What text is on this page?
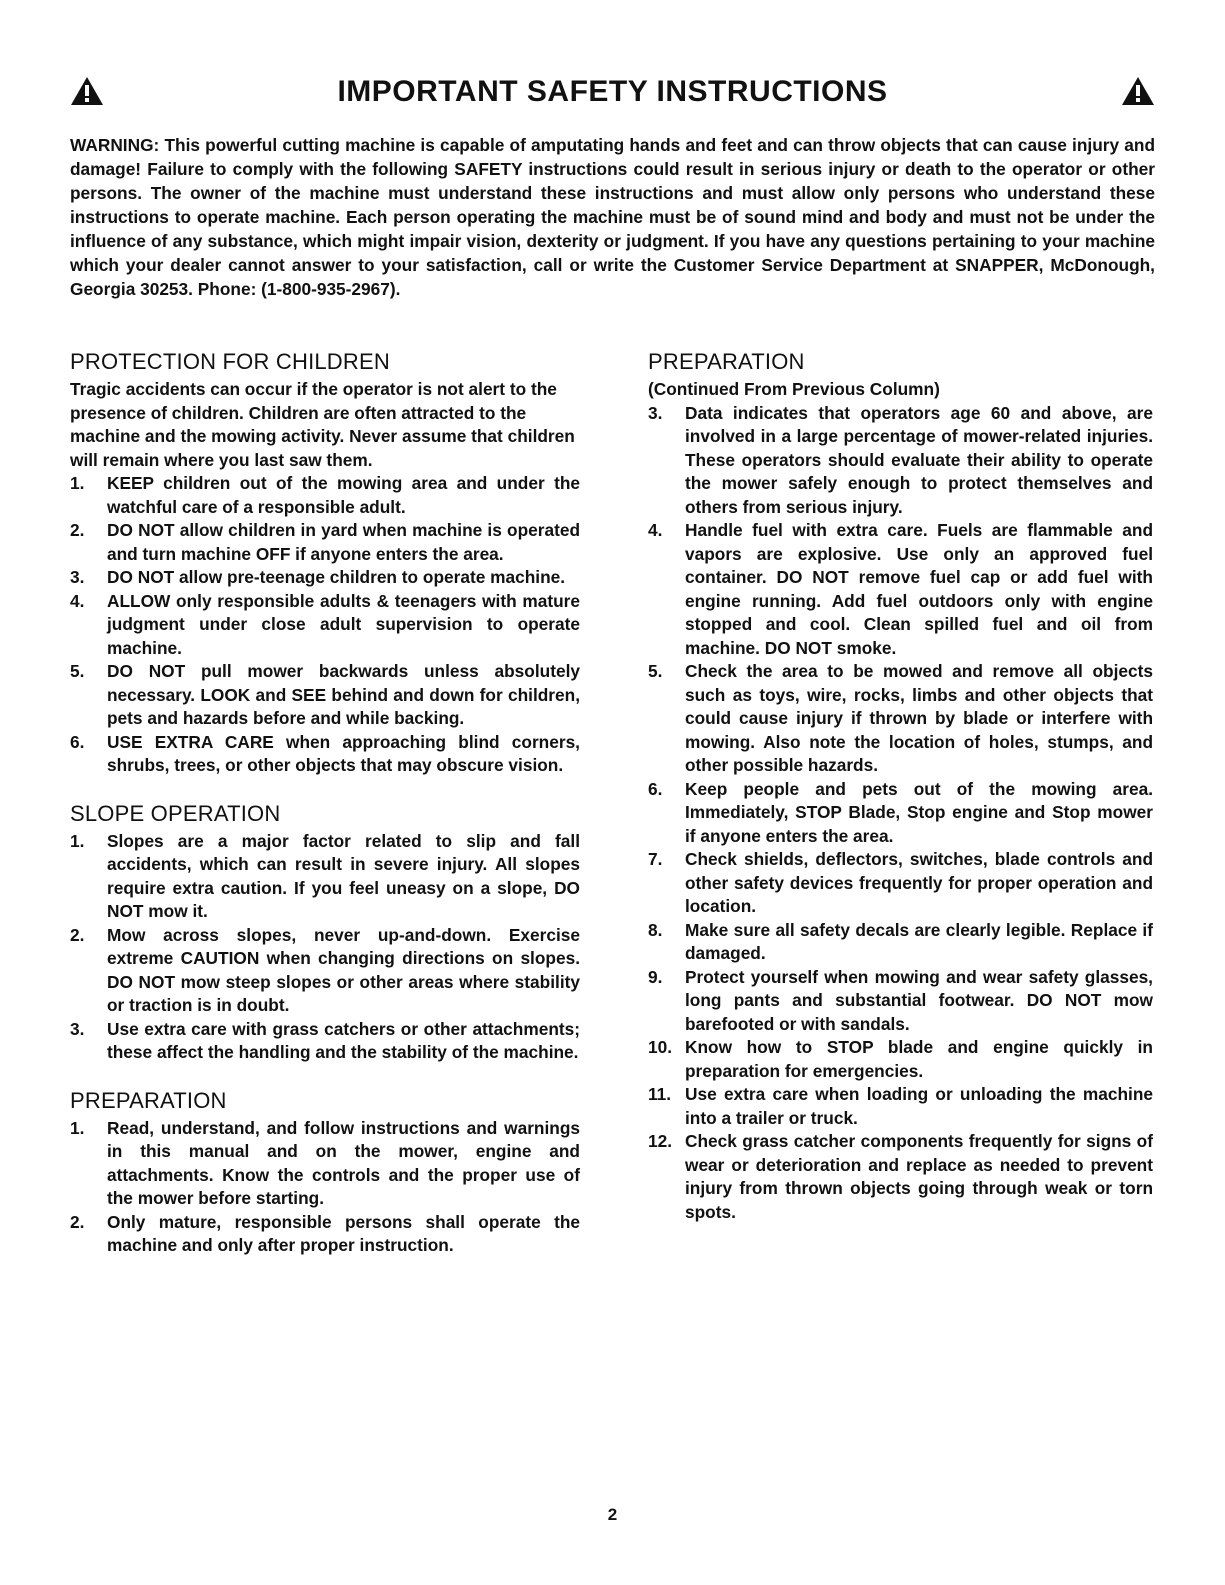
IMPORTANT SAFETY INSTRUCTIONS

WARNING: This powerful cutting machine is capable of amputating hands and feet and can throw objects that can cause injury and damage! Failure to comply with the following SAFETY instructions could result in serious injury or death to the operator or other persons. The owner of the machine must understand these instructions and must allow only persons who understand these instructions to operate machine. Each person operating the machine must be of sound mind and body and must not be under the influence of any substance, which might impair vision, dexterity or judgment. If you have any questions pertaining to your machine which your dealer cannot answer to your satisfaction, call or write the Customer Service Department at SNAPPER, McDonough, Georgia 30253. Phone: (1-800-935-2967).

PROTECTION FOR CHILDREN

Tragic accidents can occur if the operator is not alert to the presence of children. Children are often attracted to the machine and the mowing activity. Never assume that children will remain where you last saw them.

1. KEEP children out of the mowing area and under the watchful care of a responsible adult.
2. DO NOT allow children in yard when machine is operated and turn machine OFF if anyone enters the area.
3. DO NOT allow pre-teenage children to operate machine.
4. ALLOW only responsible adults & teenagers with mature judgment under close adult supervision to operate machine.
5. DO NOT pull mower backwards unless absolutely necessary. LOOK and SEE behind and down for children, pets and hazards before and while backing.
6. USE EXTRA CARE when approaching blind corners, shrubs, trees, or other objects that may obscure vision.
SLOPE OPERATION
1. Slopes are a major factor related to slip and fall accidents, which can result in severe injury. All slopes require extra caution. If you feel uneasy on a slope, DO NOT mow it.
2. Mow across slopes, never up-and-down. Exercise extreme CAUTION when changing directions on slopes. DO NOT mow steep slopes or other areas where stability or traction is in doubt.
3. Use extra care with grass catchers or other attachments; these affect the handling and the stability of the machine.
PREPARATION
1. Read, understand, and follow instructions and warnings in this manual and on the mower, engine and attachments. Know the controls and the proper use of the mower before starting.
2. Only mature, responsible persons shall operate the machine and only after proper instruction.
PREPARATION

(Continued From Previous Column)

3. Data indicates that operators age 60 and above, are involved in a large percentage of mower-related injuries. These operators should evaluate their ability to operate the mower safely enough to protect themselves and others from serious injury.
4. Handle fuel with extra care. Fuels are flammable and vapors are explosive. Use only an approved fuel container. DO NOT remove fuel cap or add fuel with engine running. Add fuel outdoors only with engine stopped and cool. Clean spilled fuel and oil from machine. DO NOT smoke.
5. Check the area to be mowed and remove all objects such as toys, wire, rocks, limbs and other objects that could cause injury if thrown by blade or interfere with mowing. Also note the location of holes, stumps, and other possible hazards.
6. Keep people and pets out of the mowing area. Immediately, STOP Blade, Stop engine and Stop mower if anyone enters the area.
7. Check shields, deflectors, switches, blade controls and other safety devices frequently for proper operation and location.
8. Make sure all safety decals are clearly legible. Replace if damaged.
9. Protect yourself when mowing and wear safety glasses, long pants and substantial footwear. DO NOT mow barefooted or with sandals.
10. Know how to STOP blade and engine quickly in preparation for emergencies.
11. Use extra care when loading or unloading the machine into a trailer or truck.
12. Check grass catcher components frequently for signs of wear or deterioration and replace as needed to prevent injury from thrown objects going through weak or torn spots.
2
